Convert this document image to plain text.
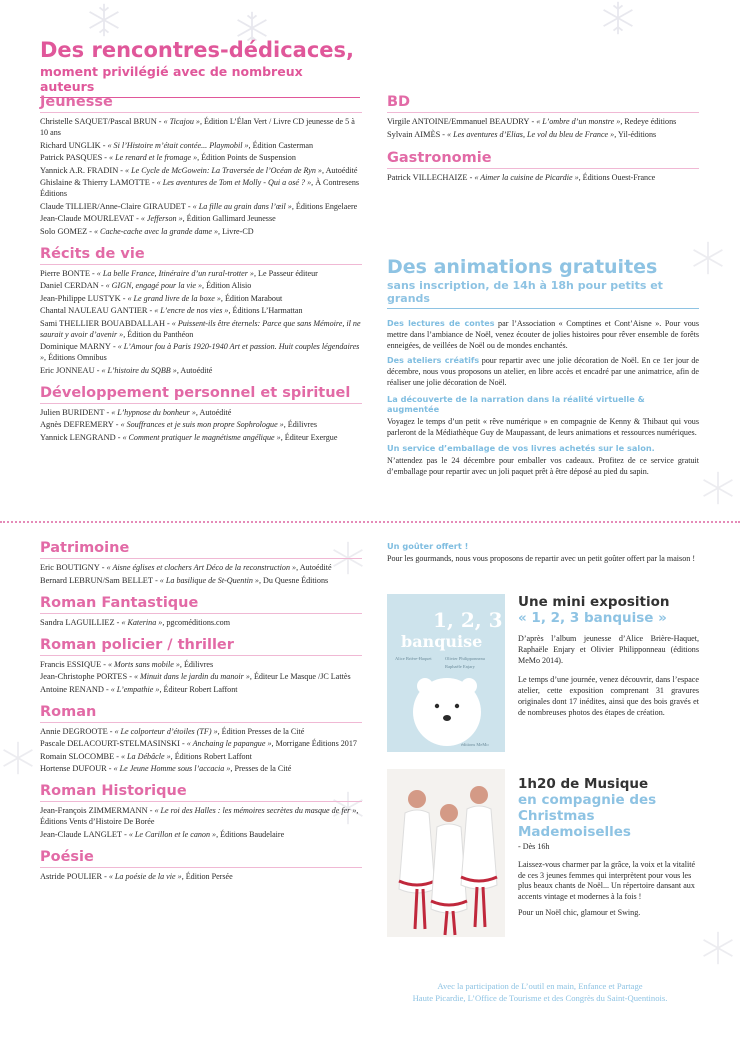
Des rencontres-dédicaces,
moment privilégié avec de nombreux auteurs
Jeunesse

Christelle SAQUET/Pascal BRUN - « Ticajou », Édition L’Élan Vert / Livre CD jeunesse de 5 à 10 ans

Richard UNGLIK - « Si l’Histoire m’était contée... Playmobil », Édition Casterman

Patrick PASQUES - « Le renard et le fromage », Édition Points de Suspension

Yannick A.R. FRADIN - « Le Cycle de McGowein: La Traversée de l’Océan de Ryn », Autoédité

Ghislaine & Thierry LAMOTTE - « Les aventures de Tom et Molly - Qui a osé ? », À Contresens Éditions

Claude TILLIER/Anne-Claire GIRAUDET - « La fille au grain dans l’œil », Éditions Engelaere

Jean-Claude MOURLEVAT - « Jefferson », Édition Gallimard Jeunesse

Solo GOMEZ - « Cache-cache avec la grande dame », Livre-CD

Récits de vie

Pierre BONTE - « La belle France, Itinéraire d’un rural-trotter », Le Passeur éditeur

Daniel CERDAN - « GIGN, engagé pour la vie », Édition Alisio

Jean-Philippe LUSTYK - « Le grand livre de la boxe », Édition Marabout

Chantal NAULEAU GANTIER - « L’encre de nos vies », Éditions L’Harmattan

Sami THELLIER BOUABDALLAH - « Puissent-ils être éternels: Parce que sans Mémoire, il ne saurait y avoir d’avenir », Édition du Panthéon

Dominique MARNY - « L’Amour fou à Paris 1920-1940 Art et passion. Huit couples légendaires », Éditions Omnibus

Eric JONNEAU - « L’histoire du SQBB », Autoédité

Développement personnel et spirituel

Julien BURIDENT - « L’hypnose du bonheur », Autoédité

Agnès DEFREMERY - « Souffrances et je suis mon propre Sophrologue », Édilivres

Yannick LENGRAND - « Comment pratiquer le magnétisme angélique », Éditeur Exergue

BD

Virgile ANTOINE/Emmanuel BEAUDRY - « L’ombre d’un monstre », Redeye éditions

Sylvain AIMÈS - « Les aventures d’Elias, Le vol du bleu de France », Yil-éditions

Gastronomie

Patrick VILLECHAIZE - « Aimer la cuisine de Picardie », Éditions Ouest-France

Des animations gratuites
sans inscription, de 14h à 18h pour petits et grands

Des lectures de contes par l’Association « Comptines et Cont’Aisne ». Pour vous mettre dans l’ambiance de Noël, venez écouter de jolies histoires pour rêver ensemble de forêts enneigées, de veillées de Noël ou de mondes enchantés.

Des ateliers créatifs pour repartir avec une jolie décoration de Noël. En ce 1er jour de décembre, nous vous proposons un atelier, en libre accès et encadré par une animatrice, afin de réaliser une jolie décoration de Noël.

La découverte de la narration dans la réalité virtuelle & augmentée

Voyagez le temps d’un petit « rêve numérique » en compagnie de Kenny & Thibaut qui vous parleront de la Médiathèque Guy de Maupassant, de leurs animations et ressources numériques.

Un service d’emballage de vos livres achetés sur le salon.

N’attendez pas le 24 décembre pour emballer vos cadeaux. Profitez de ce service gratuit d’emballage pour repartir avec un joli paquet prêt à être déposé au pied du sapin.

Patrimoine

Eric BOUTIGNY - « Aisne églises et clochers Art Déco de la reconstruction », Autoédité

Bernard LEBRUN/Sam BELLET - « La basilique de St-Quentin », Du Quesne Éditions

Roman Fantastique

Sandra LAGUILLIEZ - « Katerina », pgcoméditions.com

Roman policier / thriller

Francis ESSIQUE - « Morts sans mobile », Édilivres

Jean-Christophe PORTES - « Minuit dans le jardin du manoir », Éditeur Le Masque /JC Lattès

Antoine RENAND - « L’empathie », Éditeur Robert Laffont

Roman

Annie DEGROOTE - « Le colporteur d’étoiles (TF) », Édition Presses de la Cité

Pascale DELACOURT-STELMASINSKI - « Anchaing le papangue », Morrigane Éditions 2017

Romain SLOCOMBE - « La Débâcle », Éditions Robert Laffont

Hortense DUFOUR - « Le Jeune Homme sous l’accacia », Presses de la Cité

Roman Historique

Jean-François ZIMMERMANN - « Le roi des Halles : les mémoires secrètes du masque de fer », Éditions Vents d’Histoire De Borée

Jean-Claude LANGLET - « Le Carillon et le canon », Éditions Baudelaire

Poésie

Astride POULIER - « La poésie de la vie », Édition Persée

Un goûter offert !

Pour les gourmands, nous vous proposons de repartir avec un petit goûter offert par la maison !

1, 2, 3
banquise
Alice Brière-Haquet	Olivier Philipponneau
Raphaële Enjary
éditions MeMo
Une mini exposition
« 1, 2, 3 banquise »

D’après l’album jeunesse d’Alice Brière-Haquet, Raphaële Enjary et Olivier Philipponneau (éditions MeMo 2014).

Le temps d’une journée, venez découvrir, dans l’espace atelier, cette exposition comprenant 31 gravures originales dont 17 inédites, ainsi que des bois gravés et de nombreuses photos des étapes de création.

1h20 de Musique
en compagnie des Christmas Mademoiselles

- Dès 16h

Laissez-vous charmer par la grâce, la voix et la vitalité de ces 3 jeunes femmes qui interprètent pour vous les plus beaux chants de Noël... Un répertoire dansant aux accents vintage et modernes à la fois !

Pour un Noël chic, glamour et Swing.

Avec la participation de L’outil en main, Enfance et Partage
Haute Picardie, L’Office de Tourisme et des Congrès du Saint-Quentinois.
